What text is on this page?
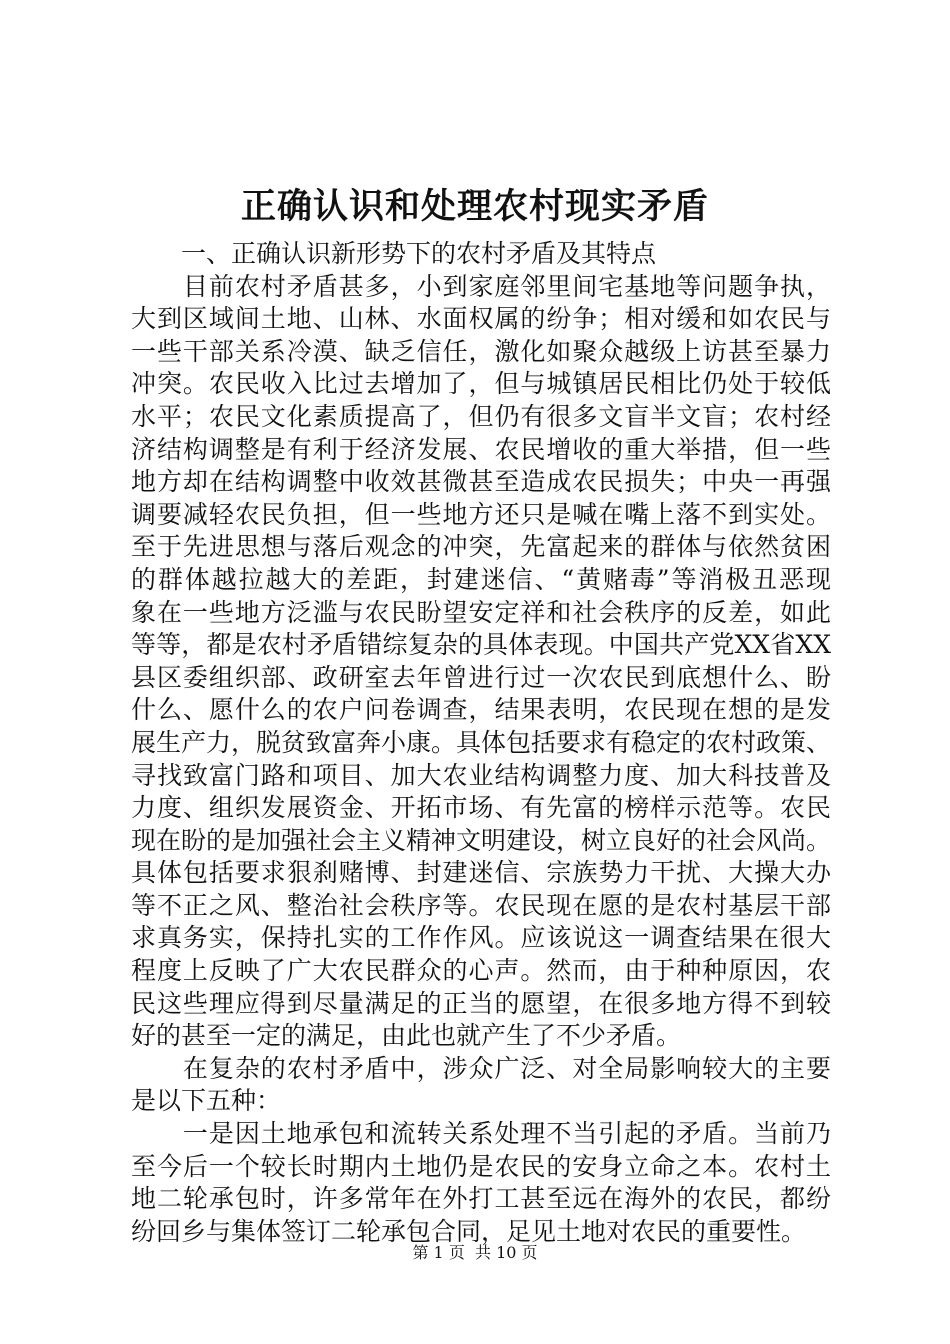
正确认识和处理农村现实矛盾
　　一、正确认识新形势下的农村矛盾及其特点
　　目前农村矛盾甚多，小到家庭邻里间宅基地等问题争执，
大到区域间土地、山林、水面权属的纷争；相对缓和如农民与
一些干部关系冷漠、缺乏信任，激化如聚众越级上访甚至暴力
冲突。农民收入比过去增加了，但与城镇居民相比仍处于较低
水平；农民文化素质提高了，但仍有很多文盲半文盲；农村经
济结构调整是有利于经济发展、农民增收的重大举措，但一些
地方却在结构调整中收效甚微甚至造成农民损失；中央一再强
调要减轻农民负担，但一些地方还只是喊在嘴上落不到实处。
至于先进思想与落后观念的冲突，先富起来的群体与依然贫困
的群体越拉越大的差距，封建迷信、“黄赌毒”等消极丑恶现
象在一些地方泛滥与农民盼望安定祥和社会秩序的反差，如此
等等，都是农村矛盾错综复杂的具体表现。中国共产党XX省XX
县区委组织部、政研室去年曾进行过一次农民到底想什么、盼
什么、愿什么的农户问卷调查，结果表明，农民现在想的是发
展生产力，脱贫致富奔小康。具体包括要求有稳定的农村政策、
寻找致富门路和项目、加大农业结构调整力度、加大科技普及
力度、组织发展资金、开拓市场、有先富的榜样示范等。农民
现在盼的是加强社会主义精神文明建设，树立良好的社会风尚。
具体包括要求狠刹赌博、封建迷信、宗族势力干扰、大操大办
等不正之风、整治社会秩序等。农民现在愿的是农村基层干部
求真务实，保持扎实的工作作风。应该说这一调查结果在很大
程度上反映了广大农民群众的心声。然而，由于种种原因，农
民这些理应得到尽量满足的正当的愿望，在很多地方得不到较
好的甚至一定的满足，由此也就产生了不少矛盾。
　　在复杂的农村矛盾中，涉众广泛、对全局影响较大的主要
是以下五种：
　　一是因土地承包和流转关系处理不当引起的矛盾。当前乃
至今后一个较长时期内土地仍是农民的安身立命之本。农村土
地二轮承包时，许多常年在外打工甚至远在海外的农民，都纷
纷回乡与集体签订二轮承包合同，足见土地对农民的重要性。
第 1 页  共 10 页
